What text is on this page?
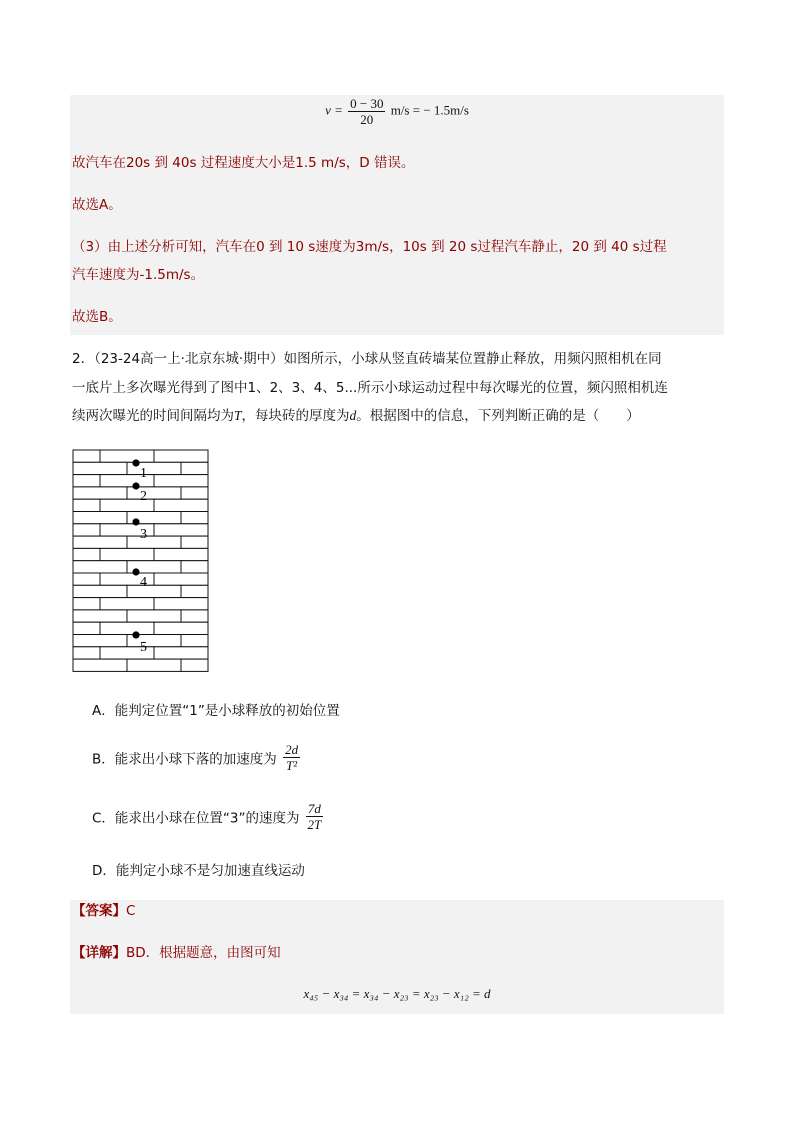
$v = \frac{0 - 30}{20} m/s$ = − 1.5m/s
故汽车在20s 到 40s 过程速度大小是1.5 m/s，D 错误。
故选A。
（3）由上述分析可知，汽车在0 到 10 s速度为3m/s，10s 到 20 s过程汽车静止，20 到 40 s过程
汽车速度为-1.5m/s。
故选B。
2．（23-24高一上·北京东城·期中）如图所示，小球从竖直砖墙某位置静止释放，用频闪照相机在同
一底片上多次曝光得到了图中1、2、3、4、5...所示小球运动过程中每次曝光的位置，频闪照相机连
续两次曝光的时间间隔均为T，每块砖的厚度为d。根据图中的信息，下列判断正确的是（　　）
1
2
3
4
5
A．能判定位置“1”是小球释放的初始位置
B．能求出小球下落的加速度为 $\frac{2d}{\text{T²}}$
C．能求出小球在位置“3”的速度为 $\frac{7d}{2T}$
D．能判定小球不是匀加速直线运动
【答案】C
【详解】BD．根据题意，由图可知
x₄₅ − x₃₄ = x₃₄ − x₂₃ = x₂₃ − x₁₂ = d
